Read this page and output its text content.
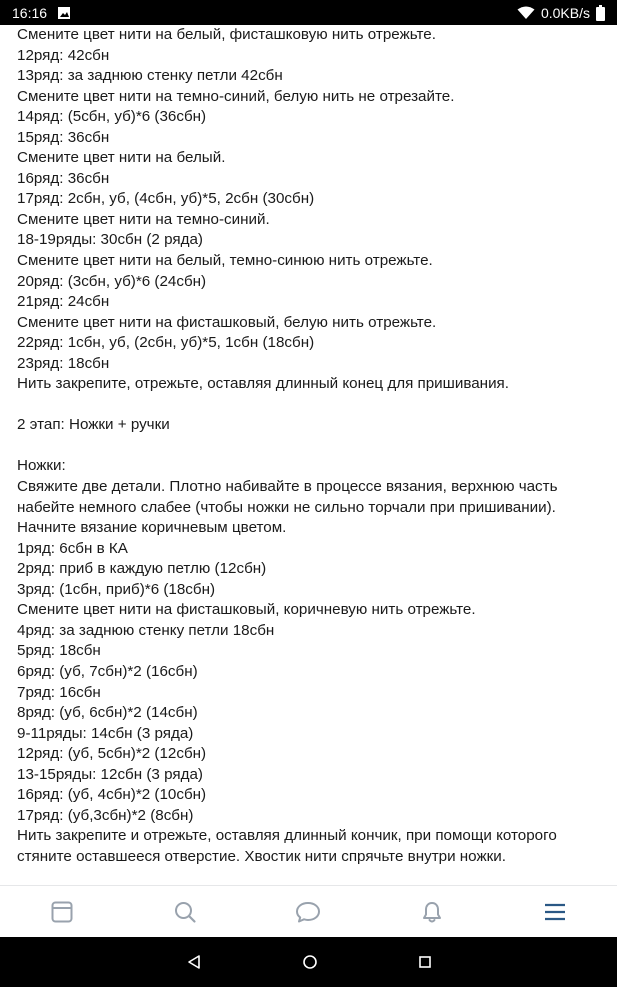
16:16	0.0KB/s
Смените цвет нити на белый, фисташковую нить отрежьте.
12ряд: 42сбн
13ряд: за заднюю стенку петли 42сбн
Смените цвет нити на темно-синий, белую нить не отрезайте.
14ряд: (5сбн, уб)*6 (36сбн)
15ряд: 36сбн
Смените цвет нити на белый.
16ряд: 36сбн
17ряд: 2сбн, уб, (4сбн, уб)*5, 2сбн (30сбн)
Смените цвет нити на темно-синий.
18-19ряды: 30сбн (2 ряда)
Смените цвет нити на белый, темно-синюю нить отрежьте.
20ряд: (3сбн, уб)*6 (24сбн)
21ряд: 24сбн
Смените цвет нити на фисташковый, белую нить отрежьте.
22ряд: 1сбн, уб, (2сбн, уб)*5, 1сбн (18сбн)
23ряд: 18сбн
Нить закрепите, отрежьте, оставляя длинный конец для пришивания.
2 этап: Ножки + ручки
Ножки:
Свяжите две детали. Плотно набивайте в процессе вязания, верхнюю часть
набейте немного слабее (чтобы ножки не сильно торчали при пришивании).
Начните вязание коричневым цветом.
1ряд: 6сбн в КА
2ряд: приб в каждую петлю (12сбн)
3ряд: (1сбн, приб)*6 (18сбн)
Смените цвет нити на фисташковый, коричневую нить отрежьте.
4ряд: за заднюю стенку петли 18сбн
5ряд: 18сбн
6ряд: (уб, 7сбн)*2 (16сбн)
7ряд: 16сбн
8ряд: (уб, 6сбн)*2 (14сбн)
9-11ряды: 14сбн (3 ряда)
12ряд: (уб, 5сбн)*2 (12сбн)
13-15ряды: 12сбн (3 ряда)
16ряд: (уб, 4сбн)*2 (10сбн)
17ряд: (уб,3сбн)*2 (8сбн)
Нить закрепите и отрежьте, оставляя длинный кончик, при помощи которого
стяните оставшееся отверстие. Хвостик нити спрячьте внутри ножки.
